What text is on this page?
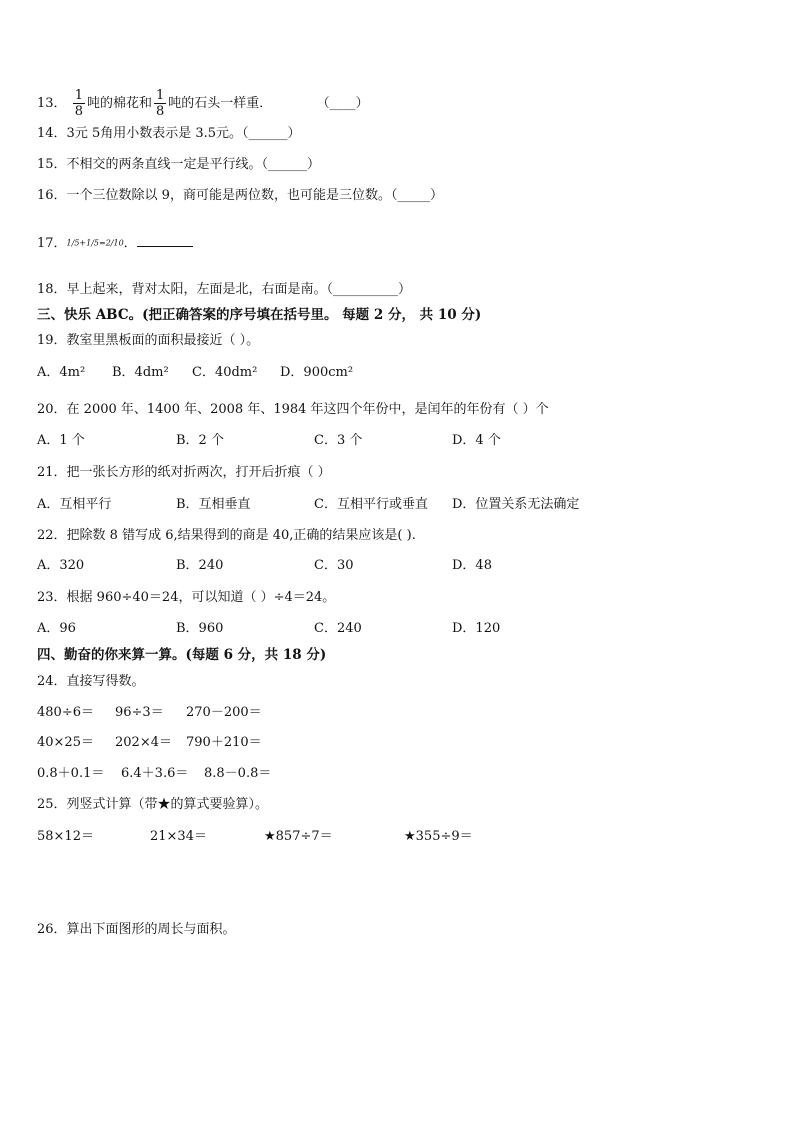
13． $\frac{1}{8}$ 吨的棉花和 $\frac{1}{8}$ 吨的石头一样重．	（____）
14．3元 5角用小数表示是 3.5元。（______）
15．不相交的两条直线一定是平行线。（______）
16．一个三位数除以 9，商可能是两位数，也可能是三位数。（_____）
17．1/5+1/5=2/10．
18．早上起来，背对太阳，左面是北，右面是南。（__________）
三、快乐 ABC。(把正确答案的序号填在括号里。 每题 2 分， 共 10 分)
19．教室里黑板面的面积最接近（ ）。
A．4m² B．4dm² C．40dm² D．900cm²
20．在 2000 年、1400 年、2008 年、1984 年这四个年份中，是闰年的年份有（ ）个
A．1 个	B．2 个	C．3 个	D．4 个
21．把一张长方形的纸对折两次，打开后折痕（ ）
A．互相平行	B．互相垂直	C．互相平行或垂直 D．位置关系无法确定
22．把除数 8 错写成 6,结果得到的商是 40,正确的结果应该是( ).
A．320	B．240	C．30	D．48
23．根据 960÷40＝24，可以知道（ ）÷4＝24。
A．96	B．960	C．240	D．120
四、勤奋的你来算一算。(每题 6 分，共 18 分)
24．直接写得数。
480÷6＝ 96÷3＝ 270－200＝
40×25＝ 202×4＝ 790＋210＝
0.8＋0.1＝ 6.4＋3.6＝ 8.8－0.8＝
25．列竖式计算（带★的算式要验算）。
58×12＝	21×34＝	★857÷7＝	★355÷9＝
26．算出下面图形的周长与面积。
